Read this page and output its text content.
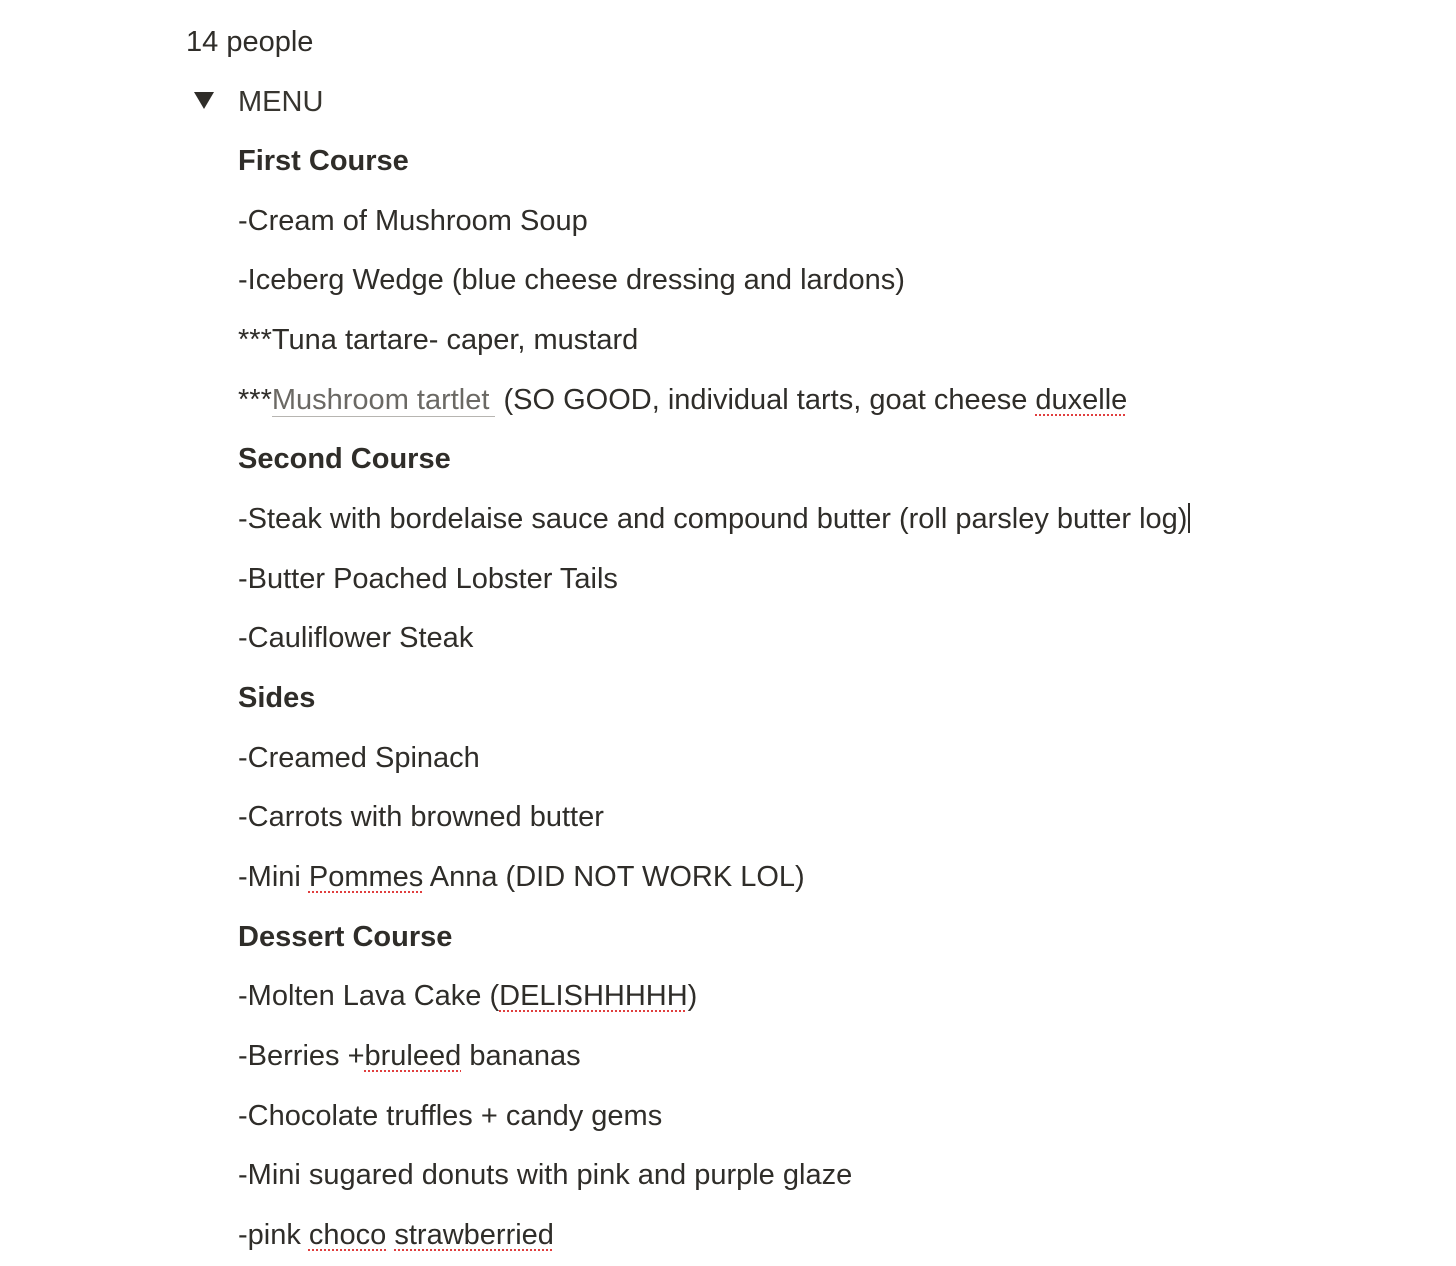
14 people
MENU
First Course
-Cream of Mushroom Soup
-Iceberg Wedge (blue cheese dressing and lardons)
***Tuna tartare- caper, mustard
***Mushroom tartlet (SO GOOD, individual tarts, goat cheese duxelle
Second Course
-Steak with bordelaise sauce and compound butter (roll parsley butter log)
-Butter Poached Lobster Tails
-Cauliflower Steak
Sides
-Creamed Spinach
-Carrots with browned butter
-Mini Pommes Anna (DID NOT WORK LOL)
Dessert Course
-Molten Lava Cake (DELISHHHHH)
-Berries +bruleed bananas
-Chocolate truffles + candy gems
-Mini sugared donuts with pink and purple glaze
-pink choco strawberried
